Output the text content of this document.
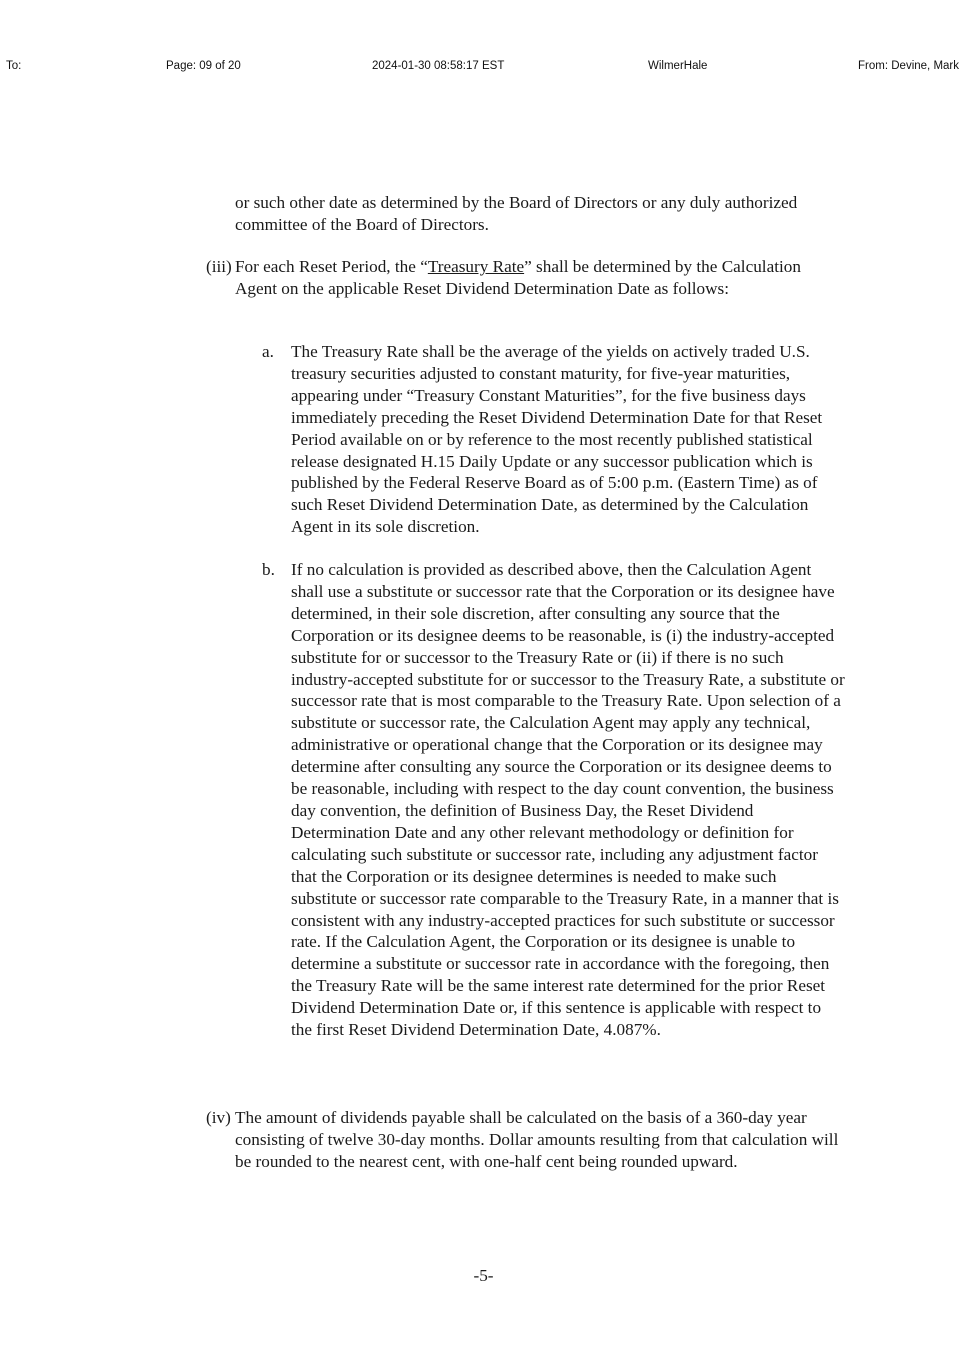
To:	Page: 09 of 20	2024-01-30 08:58:17 EST	WilmerHale	From: Devine, Mark

or such other date as determined by the Board of Directors or any duly authorized committee of the Board of Directors.

(iii) For each Reset Period, the “Treasury Rate” shall be determined by the Calculation Agent on the applicable Reset Dividend Determination Date as follows:

a. The Treasury Rate shall be the average of the yields on actively traded U.S. treasury securities adjusted to constant maturity, for five-year maturities, appearing under “Treasury Constant Maturities”, for the five business days immediately preceding the Reset Dividend Determination Date for that Reset Period available on or by reference to the most recently published statistical release designated H.15 Daily Update or any successor publication which is published by the Federal Reserve Board as of 5:00 p.m. (Eastern Time) as of such Reset Dividend Determination Date, as determined by the Calculation Agent in its sole discretion.

b. If no calculation is provided as described above, then the Calculation Agent shall use a substitute or successor rate that the Corporation or its designee have determined, in their sole discretion, after consulting any source that the Corporation or its designee deems to be reasonable, is (i) the industry-accepted substitute for or successor to the Treasury Rate or (ii) if there is no such industry-accepted substitute for or successor to the Treasury Rate, a substitute or successor rate that is most comparable to the Treasury Rate. Upon selection of a substitute or successor rate, the Calculation Agent may apply any technical, administrative or operational change that the Corporation or its designee may determine after consulting any source the Corporation or its designee deems to be reasonable, including with respect to the day count convention, the business day convention, the definition of Business Day, the Reset Dividend Determination Date and any other relevant methodology or definition for calculating such substitute or successor rate, including any adjustment factor that the Corporation or its designee determines is needed to make such substitute or successor rate comparable to the Treasury Rate, in a manner that is consistent with any industry-accepted practices for such substitute or successor rate. If the Calculation Agent, the Corporation or its designee is unable to determine a substitute or successor rate in accordance with the foregoing, then the Treasury Rate will be the same interest rate determined for the prior Reset Dividend Determination Date or, if this sentence is applicable with respect to the first Reset Dividend Determination Date, 4.087%.

(iv) The amount of dividends payable shall be calculated on the basis of a 360-day year consisting of twelve 30-day months. Dollar amounts resulting from that calculation will be rounded to the nearest cent, with one-half cent being rounded upward.

-5-
